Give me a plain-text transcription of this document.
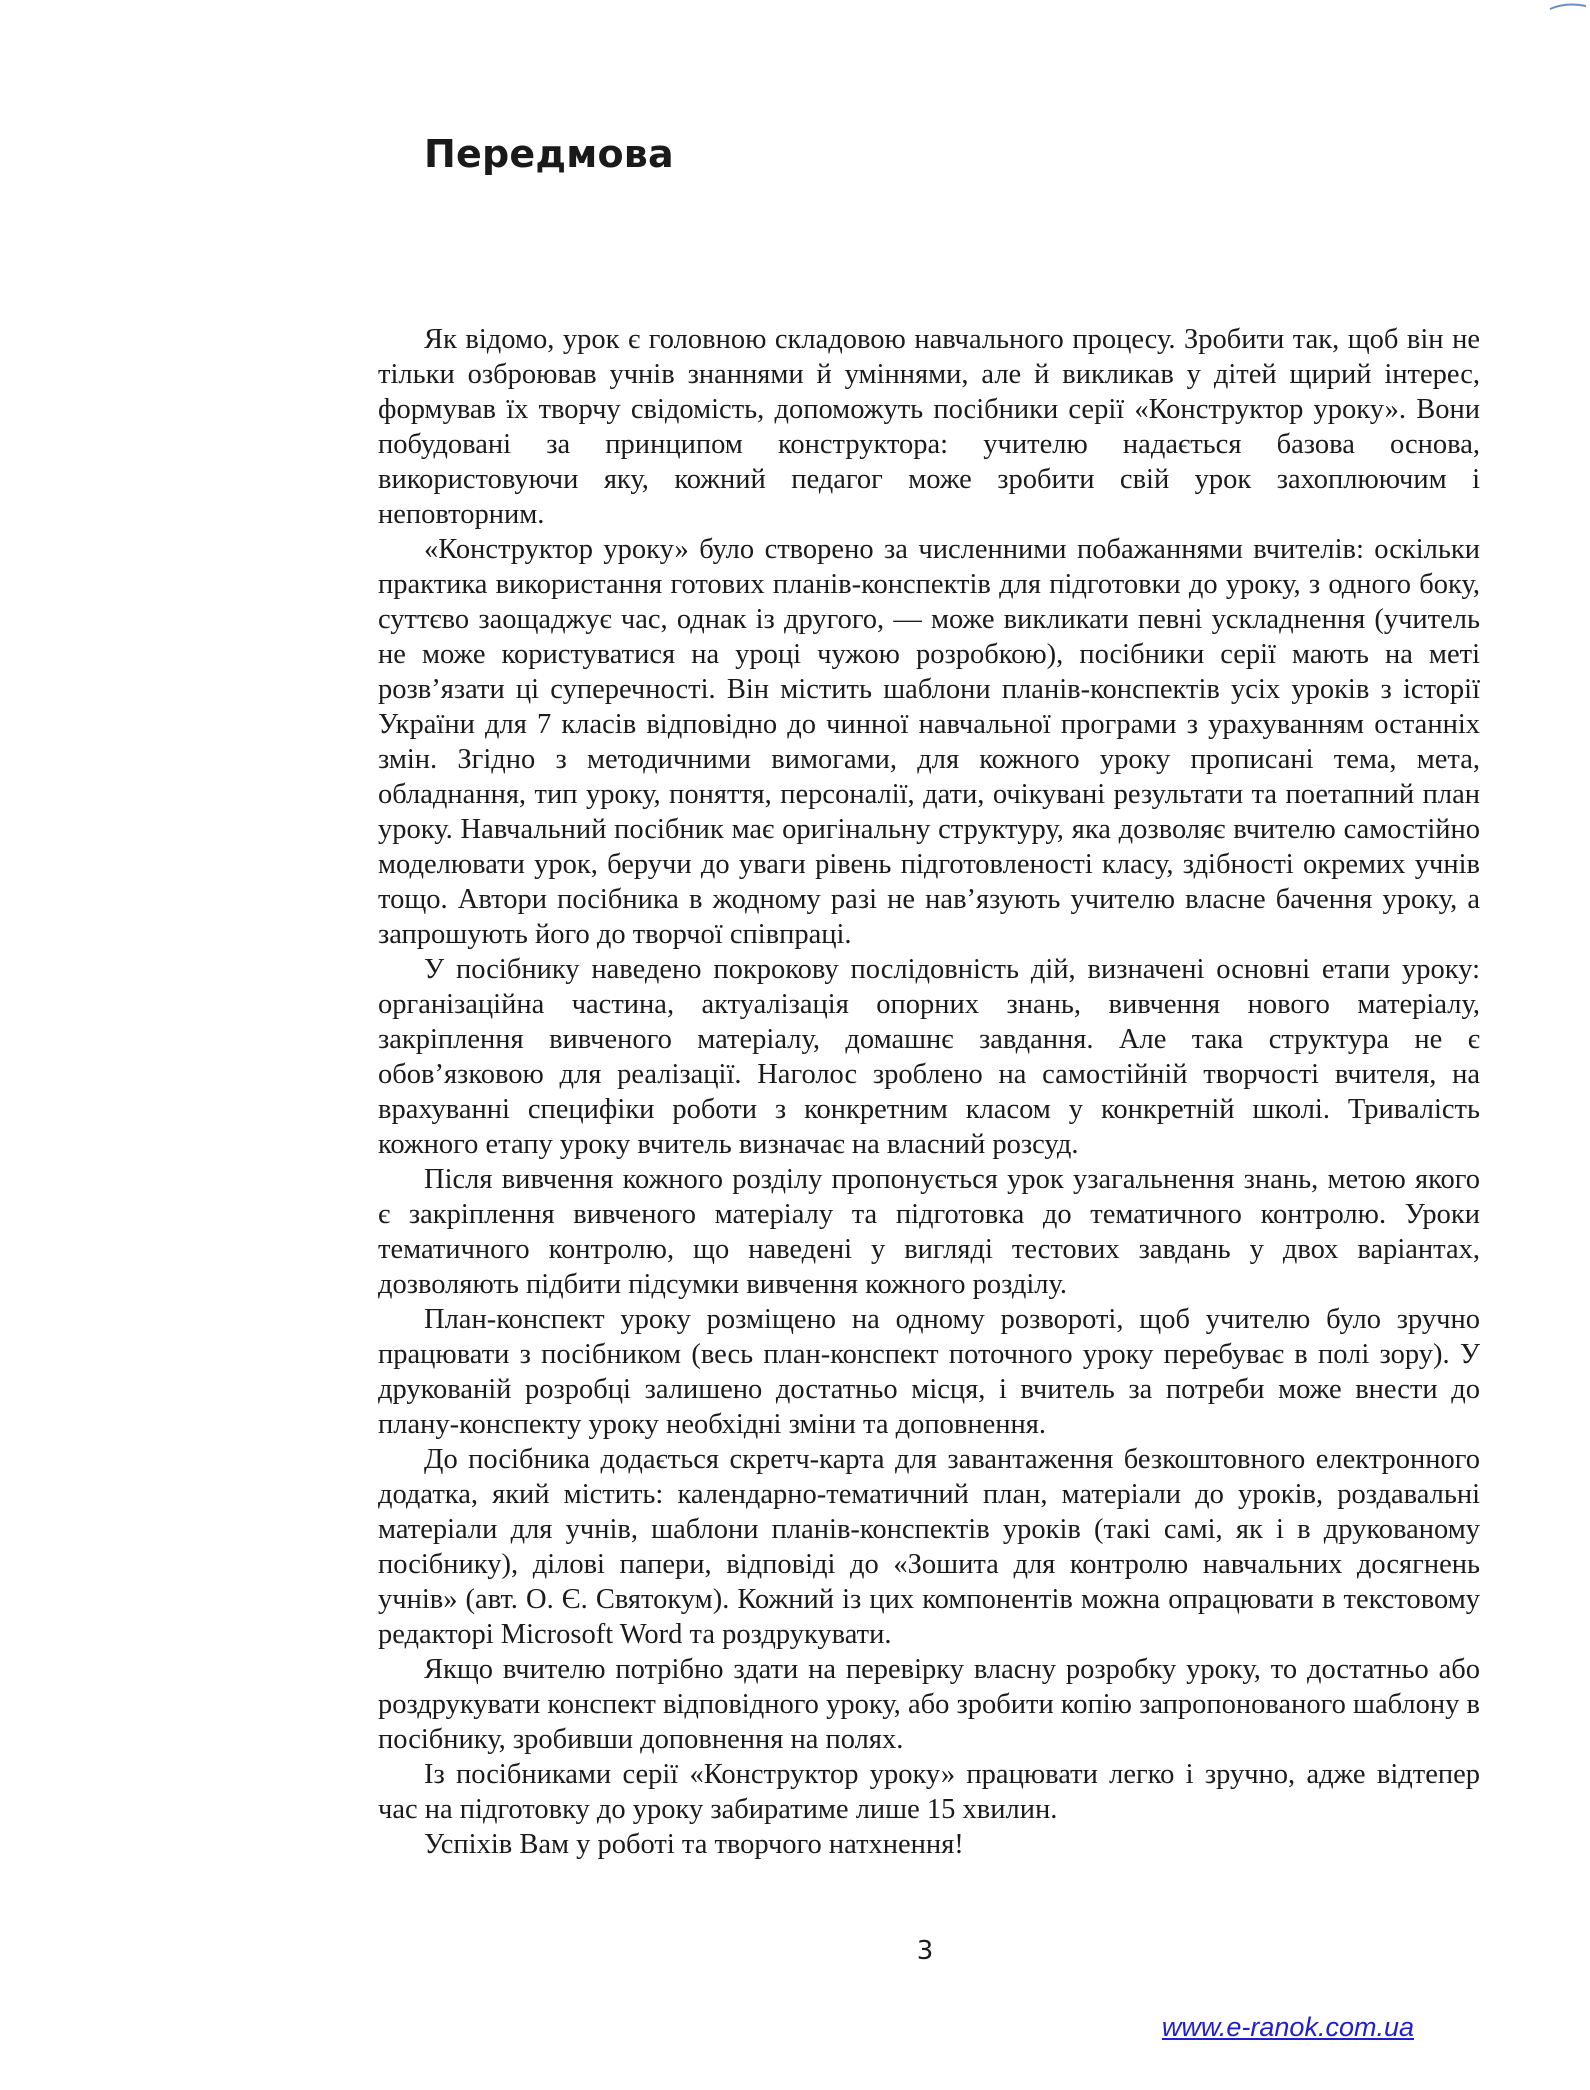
Передмова

Як відомо, урок є головною складовою навчального процесу. Зробити так, щоб він не тільки озброював учнів знаннями й уміннями, але й викликав у дітей щирий інтерес, формував їх творчу свідомість, допоможуть посібники серії «Конструктор уроку». Вони побудовані за принципом конструктора: учителю надається базова основа, використовуючи яку, кожний педагог може зробити свій урок захоплюючим і неповторним.

«Конструктор уроку» було створено за численними побажаннями вчителів: оскільки практика використання готових планів-конспектів для підготовки до уроку, з одного боку, суттєво заощаджує час, однак із другого, — може викликати певні ускладнення (учитель не може користуватися на уроці чужою розробкою), посібники серії мають на меті розв’язати ці суперечності. Він містить шаблони планів-конспектів усіх уроків з історії України для 7 класів відповідно до чинної навчальної програми з урахуванням останніх змін. Згідно з методичними вимогами, для кожного уроку прописані тема, мета, обладнання, тип уроку, поняття, персоналії, дати, очікувані результати та поетапний план уроку. Навчальний посібник має оригінальну структуру, яка дозволяє вчителю самостійно моделювати урок, беручи до уваги рівень підготовленості класу, здібності окремих учнів тощо. Автори посібника в жодному разі не нав’язують учителю власне бачення уроку, а запрошують його до творчої співпраці.

У посібнику наведено покрокову послідовність дій, визначені основні етапи уроку: організаційна частина, актуалізація опорних знань, вивчення нового матеріалу, закріплення вивченого матеріалу, домашнє завдання. Але така структура не є обов’язковою для реалізації. Наголос зроблено на самостійній творчості вчителя, на врахуванні специфіки роботи з конкретним класом у конкретній школі. Тривалість кожного етапу уроку вчитель визначає на власний розсуд.

Після вивчення кожного розділу пропонується урок узагальнення знань, метою якого є закріплення вивченого матеріалу та підготовка до тематичного контролю. Уроки тематичного контролю, що наведені у вигляді тестових завдань у двох варіантах, дозволяють підбити підсумки вивчення кожного розділу.

План-конспект уроку розміщено на одному розвороті, щоб учителю було зручно працювати з посібником (весь план-конспект поточного уроку перебуває в полі зору). У друкованій розробці залишено достатньо місця, і вчитель за потреби може внести до плану-конспекту уроку необхідні зміни та доповнення.

До посібника додається скретч-карта для завантаження безкоштовного електронного додатка, який містить: календарно-тематичний план, матеріали до уроків, роздавальні матеріали для учнів, шаблони планів-конспектів уроків (такі самі, як і в друкованому посібнику), ділові папери, відповіді до «Зошита для контролю навчальних досягнень учнів» (авт. О. Є. Святокум). Кожний із цих компонентів можна опрацювати в текстовому редакторі Microsoft Word та роздрукувати.

Якщо вчителю потрібно здати на перевірку власну розробку уроку, то достатньо або роздрукувати конспект відповідного уроку, або зробити копію запропонованого шаблону в посібнику, зробивши доповнення на полях.

Із посібниками серії «Конструктор уроку» працювати легко і зручно, адже відтепер час на підготовку до уроку забиратиме лише 15 хвилин.

Успіхів Вам у роботі та творчого натхнення!

3
www.e-ranok.com.ua
